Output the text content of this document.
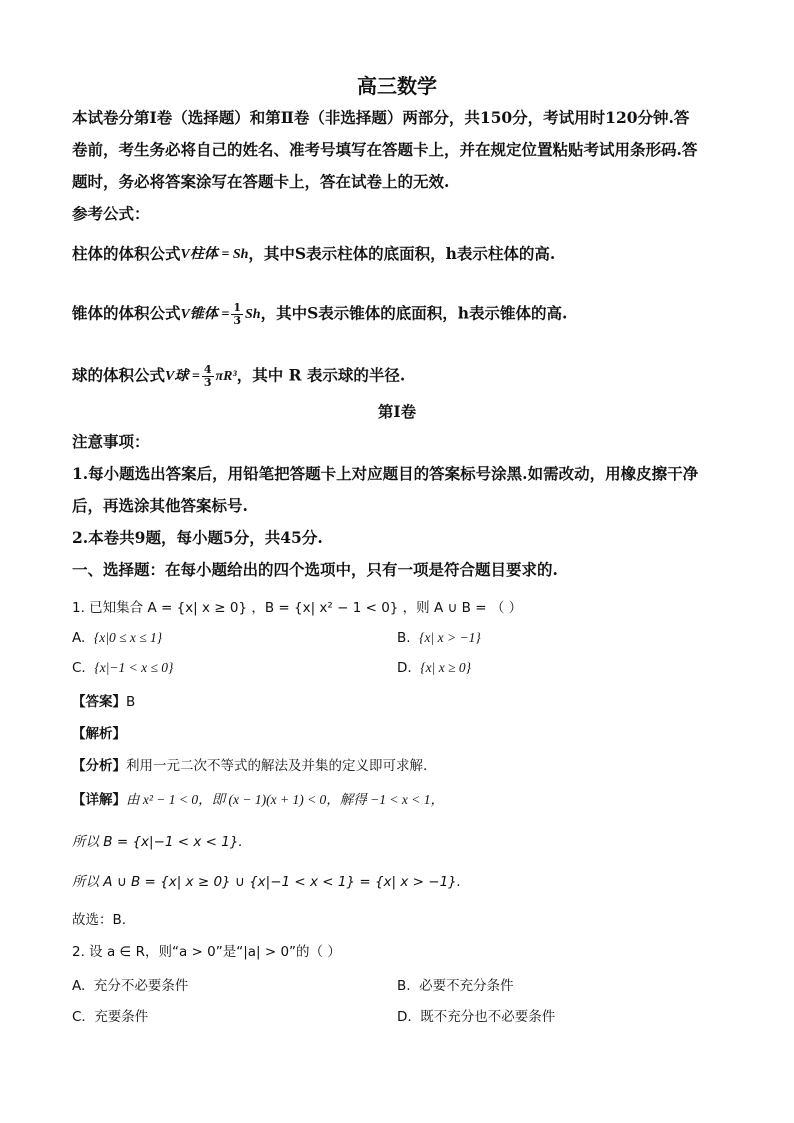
高三数学
本试卷分第Ⅰ卷（选择题）和第Ⅱ卷（非选择题）两部分，共150分，考试用时120分钟.答
卷前，考生务必将自己的姓名、准考号填写在答题卡上，并在规定位置粘贴考试用条形码.答
题时，务必将答案涂写在答题卡上，答在试卷上的无效.
参考公式：
柱体的体积公式V柱体 = Sh，其中S表示柱体的底面积，h表示柱体的高.
锥体的体积公式V锥体 = $\frac{1}{3}$ Sh，其中S表示锥体的底面积，h表示锥体的高.
球的体积公式V球 = $\frac{4}{3} \pi R^3$，其中 R 表示球的半径.
第Ⅰ卷
注意事项：
1.每小题选出答案后，用铅笔把答题卡上对应题目的答案标号涂黑.如需改动，用橡皮擦干净
后，再选涂其他答案标号.
2.本卷共9题，每小题5分，共45分.
一、选择题：在每小题给出的四个选项中，只有一项是符合题目要求的.
1. 已知集合 A = {x| x ≥ 0} ，B = {x| x² − 1 < 0} ，则 A ∪ B = （ ）
A. {x|0 ≤ x ≤ 1}	B. {x| x > −1}
C. {x|−1 < x ≤ 0}	D. {x| x ≥ 0}
【答案】B
【解析】
【分析】利用一元二次不等式的解法及并集的定义即可求解.
【详解】由 x² − 1 < 0，即 (x − 1)(x + 1) < 0，解得 −1 < x < 1，
所以 B = {x|−1 < x < 1}.
所以 A ∪ B = {x| x ≥ 0} ∪ {x|−1 < x < 1} = {x| x > −1}.
故选：B.
2. 设 a ∈ R，则“a > 0”是“|a| > 0”的（ ）
A. 充分不必要条件	B. 必要不充分条件
C. 充要条件	D. 既不充分也不必要条件
